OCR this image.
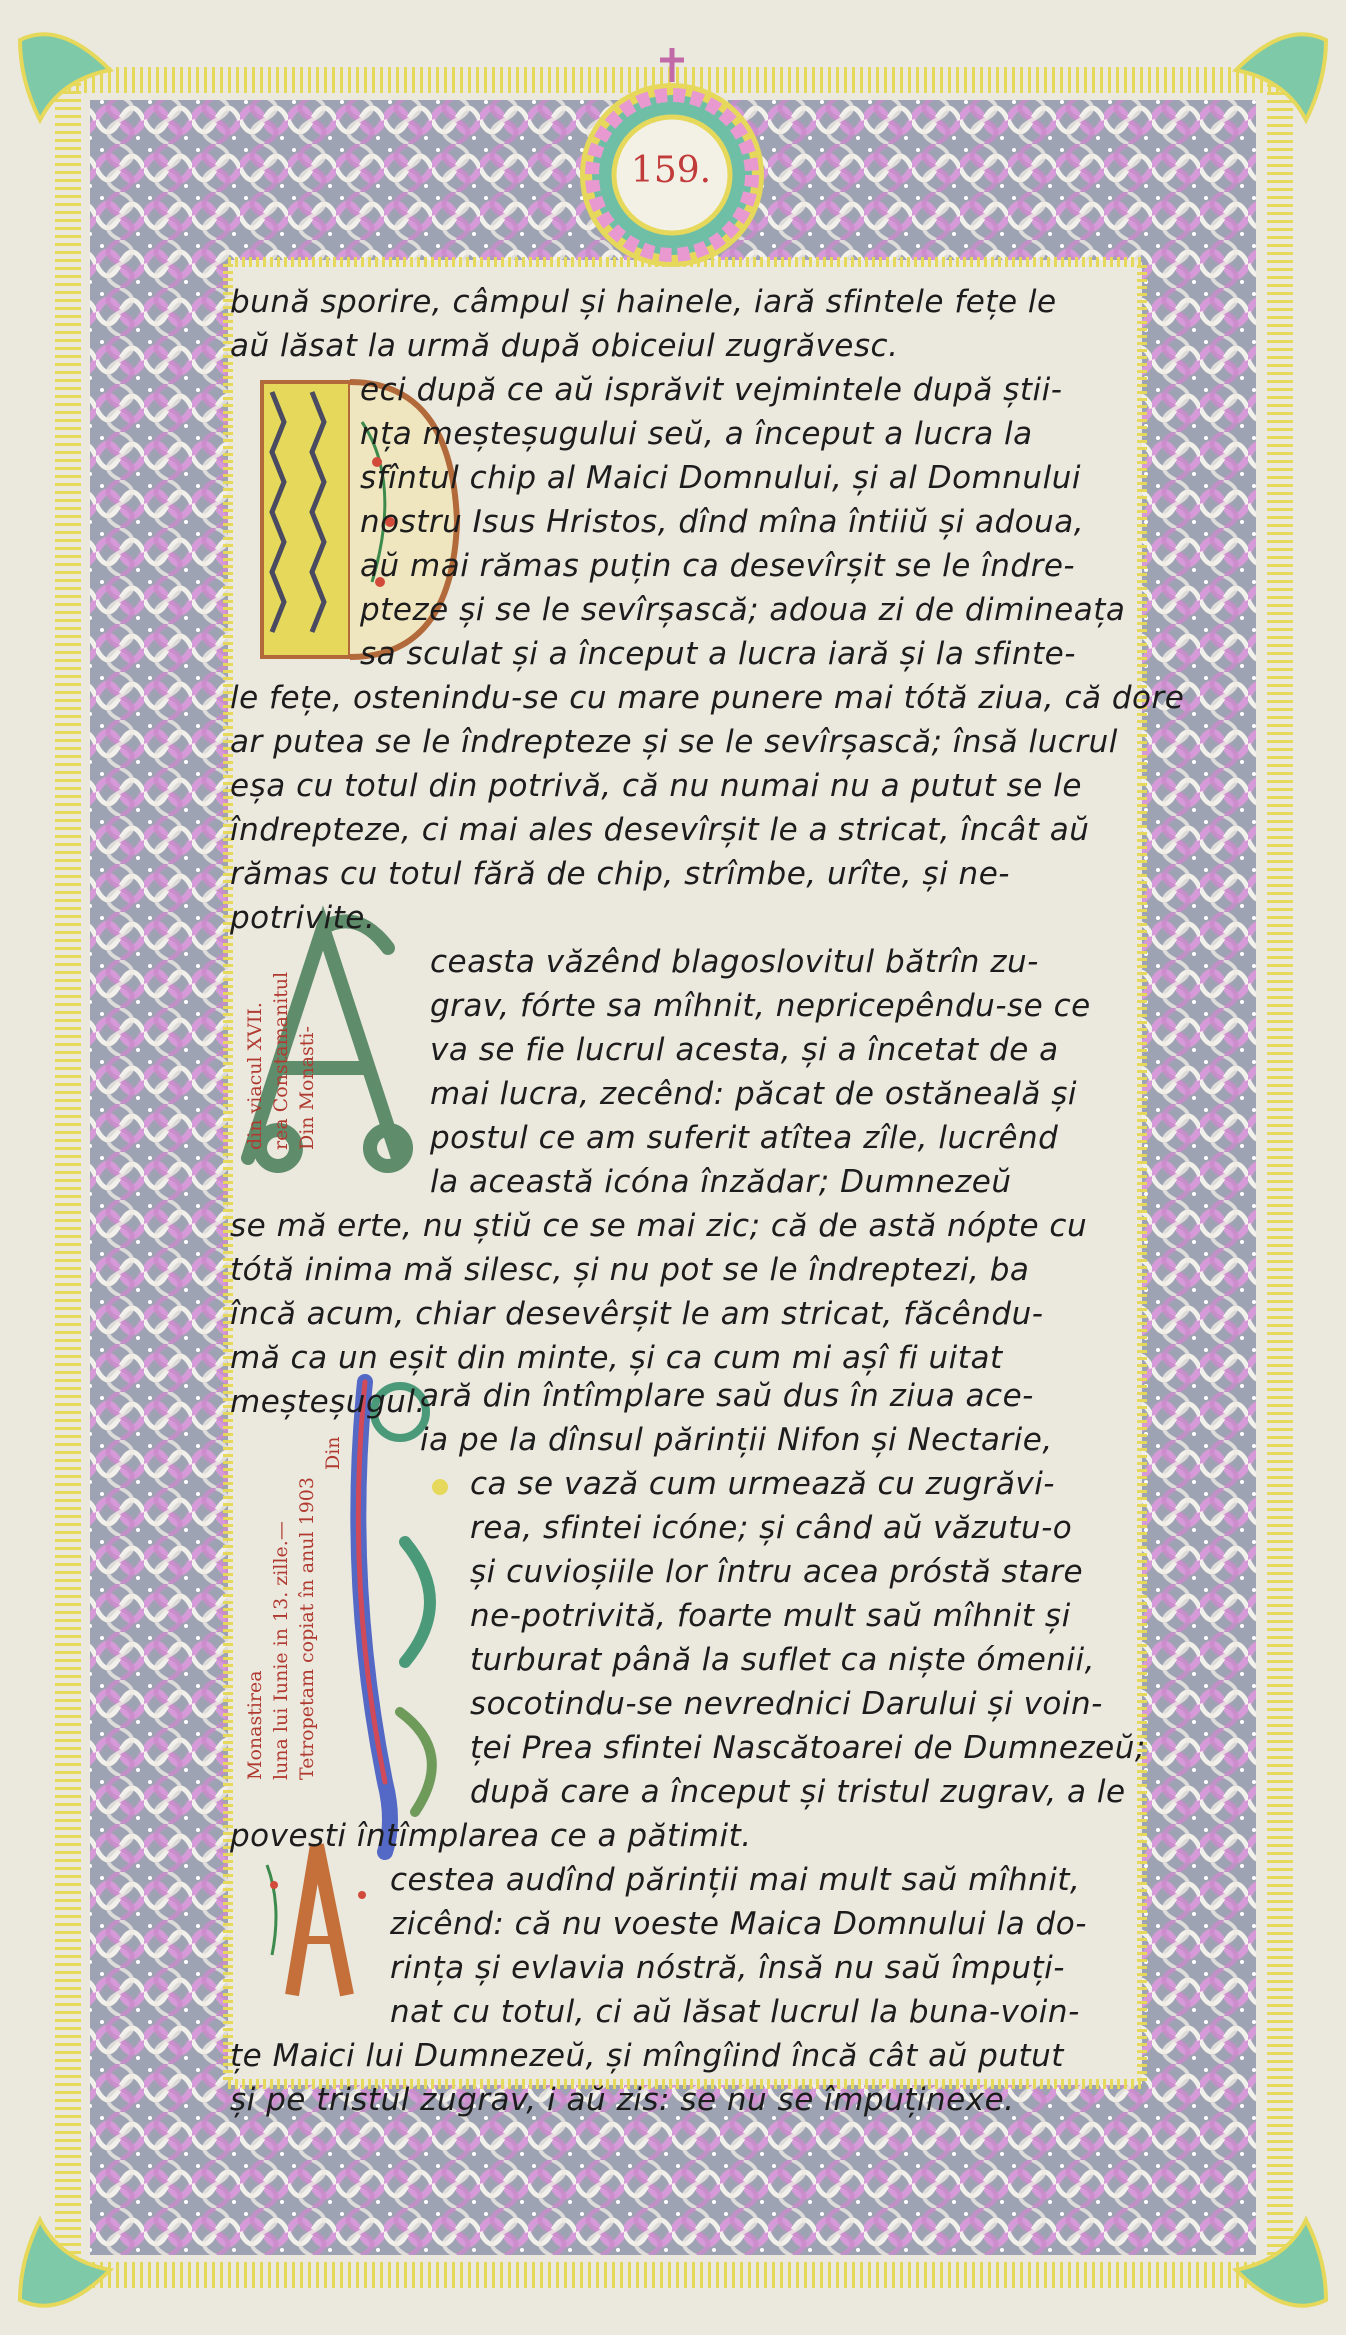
159.
bună sporire, câmpul și hainele, iară sfintele fețe le
aŭ lăsat la urmă după obiceiul zugrăvesc.
eci după ce aŭ isprăvit vejmintele după știi-
nța meșteșugului seŭ, a început a lucra la
sfîntul chip al Maici Domnului, și al Domnului
nostru Isus Hristos, dînd mîna întiiŭ și adoua,
aŭ mai rămas puțin ca desevîrșit se le îndre-
pteze și se le sevîrșască; adoua zi de dimineața
sa sculat și a început a lucra iară și la sfinte-
le fețe, ostenindu-se cu mare punere mai tótă ziua, că dore
ar putea se le îndrepteze și se le sevîrșască; însă lucrul
eșa cu totul din potrivă, că nu numai nu a putut se le
îndrepteze, ci mai ales desevîrșit le a stricat, încât aŭ
rămas cu totul fără de chip, strîmbe, urîte, și ne-
potrivite.
ceasta văzênd blagoslovitul bătrîn zu-
grav, fórte sa mîhnit, nepricepêndu-se ce
va se fie lucrul acesta, și a încetat de a
mai lucra, zecênd: păcat de ostăneală și
postul ce am suferit atîtea zîle, lucrênd
la această icóna înzădar; Dumnezeŭ
se mă erte, nu știŭ ce se mai zic; că de astă nópte cu
tótă inima mă silesc, și nu pot se le îndreptezi, ba
încă acum, chiar desevêrșit le am stricat, făcêndu-
mă ca un eșit din minte, și ca cum mi așî fi uitat
meșteșugul.
ară din întîmplare saŭ dus în ziua ace-
ia pe la dînsul părinții Nifon și Nectarie,
ca se vază cum urmează cu zugrăvi-
rea, sfintei icóne; și când aŭ văzutu-o
și cuvioșiile lor întru acea próstă stare
ne-potrivită, foarte mult saŭ mîhnit și
turburat până la suflet ca niște ómenii,
socotindu-se nevrednici Darului și voin-
ței Prea sfintei Nascătoarei de Dumnezeŭ;
după care a început și tristul zugrav, a le
povesti întîmplarea ce a pătimit.
cestea audînd părinții mai mult saŭ mîhnit,
zicênd: că nu voeste Maica Domnului la do-
rința și evlavia nóstră, însă nu saŭ împuți-
nat cu totul, ci aŭ lăsat lucrul la buna-voin-
țe Maici lui Dumnezeŭ, și mîngîind încă cât aŭ putut
și pe tristul zugrav, i aŭ zis: se nu se împuținexe.
Din Monasti-
rea Constamanitul
din viacul XVII.
Din
Tetropetam copiat în anul 1903
luna lui Iunie in 13. zille.—
Monastirea
